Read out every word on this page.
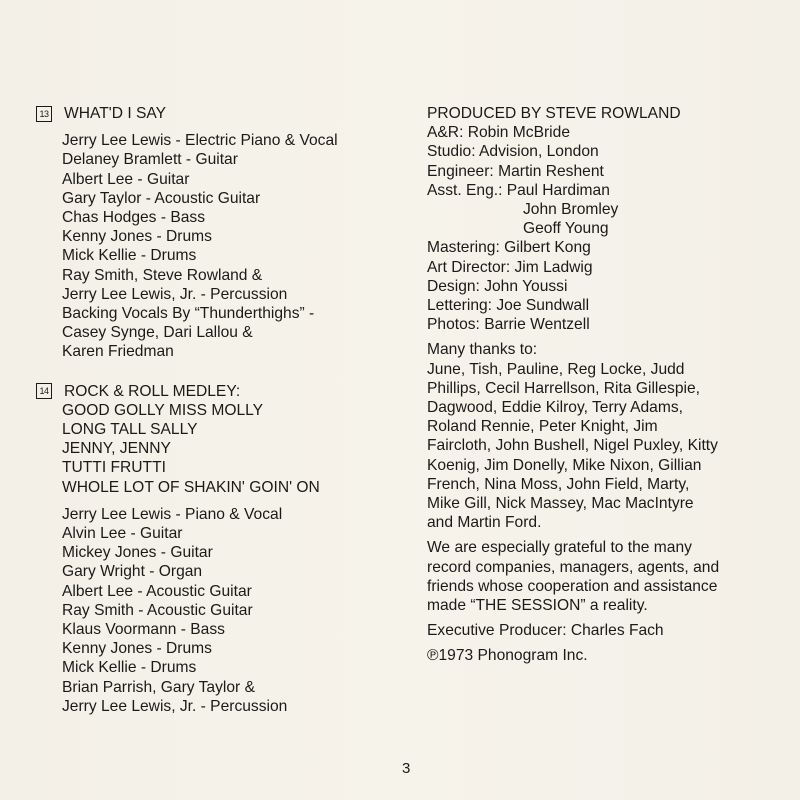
13 WHAT'D I SAY
Jerry Lee Lewis - Electric Piano & Vocal
Delaney Bramlett - Guitar
Albert Lee - Guitar
Gary Taylor - Acoustic Guitar
Chas Hodges - Bass
Kenny Jones - Drums
Mick Kellie - Drums
Ray Smith, Steve Rowland &
Jerry Lee Lewis, Jr. - Percussion
Backing Vocals By “Thunderthighs” -
Casey Synge, Dari Lallou &
Karen Friedman
14 ROCK & ROLL MEDLEY:
GOOD GOLLY MISS MOLLY
LONG TALL SALLY
JENNY, JENNY
TUTTI FRUTTI
WHOLE LOT OF SHAKIN' GOIN' ON
Jerry Lee Lewis - Piano & Vocal
Alvin Lee - Guitar
Mickey Jones - Guitar
Gary Wright - Organ
Albert Lee - Acoustic Guitar
Ray Smith - Acoustic Guitar
Klaus Voormann - Bass
Kenny Jones - Drums
Mick Kellie - Drums
Brian Parrish, Gary Taylor &
Jerry Lee Lewis, Jr. - Percussion
PRODUCED BY STEVE ROWLAND
A&R: Robin McBride
Studio: Advision, London
Engineer: Martin Reshent
Asst. Eng.: Paul Hardiman
John Bromley
Geoff Young
Mastering: Gilbert Kong
Art Director: Jim Ladwig
Design: John Youssi
Lettering: Joe Sundwall
Photos: Barrie Wentzell
Many thanks to:
June, Tish, Pauline, Reg Locke, Judd
Phillips, Cecil Harrellson, Rita Gillespie,
Dagwood, Eddie Kilroy, Terry Adams,
Roland Rennie, Peter Knight, Jim
Faircloth, John Bushell, Nigel Puxley, Kitty
Koenig, Jim Donelly, Mike Nixon, Gillian
French, Nina Moss, John Field, Marty,
Mike Gill, Nick Massey, Mac MacIntyre
and Martin Ford.
We are especially grateful to the many
record companies, managers, agents, and
friends whose cooperation and assistance
made “THE SESSION” a reality.
Executive Producer: Charles Fach
℗1973 Phonogram Inc.
3
